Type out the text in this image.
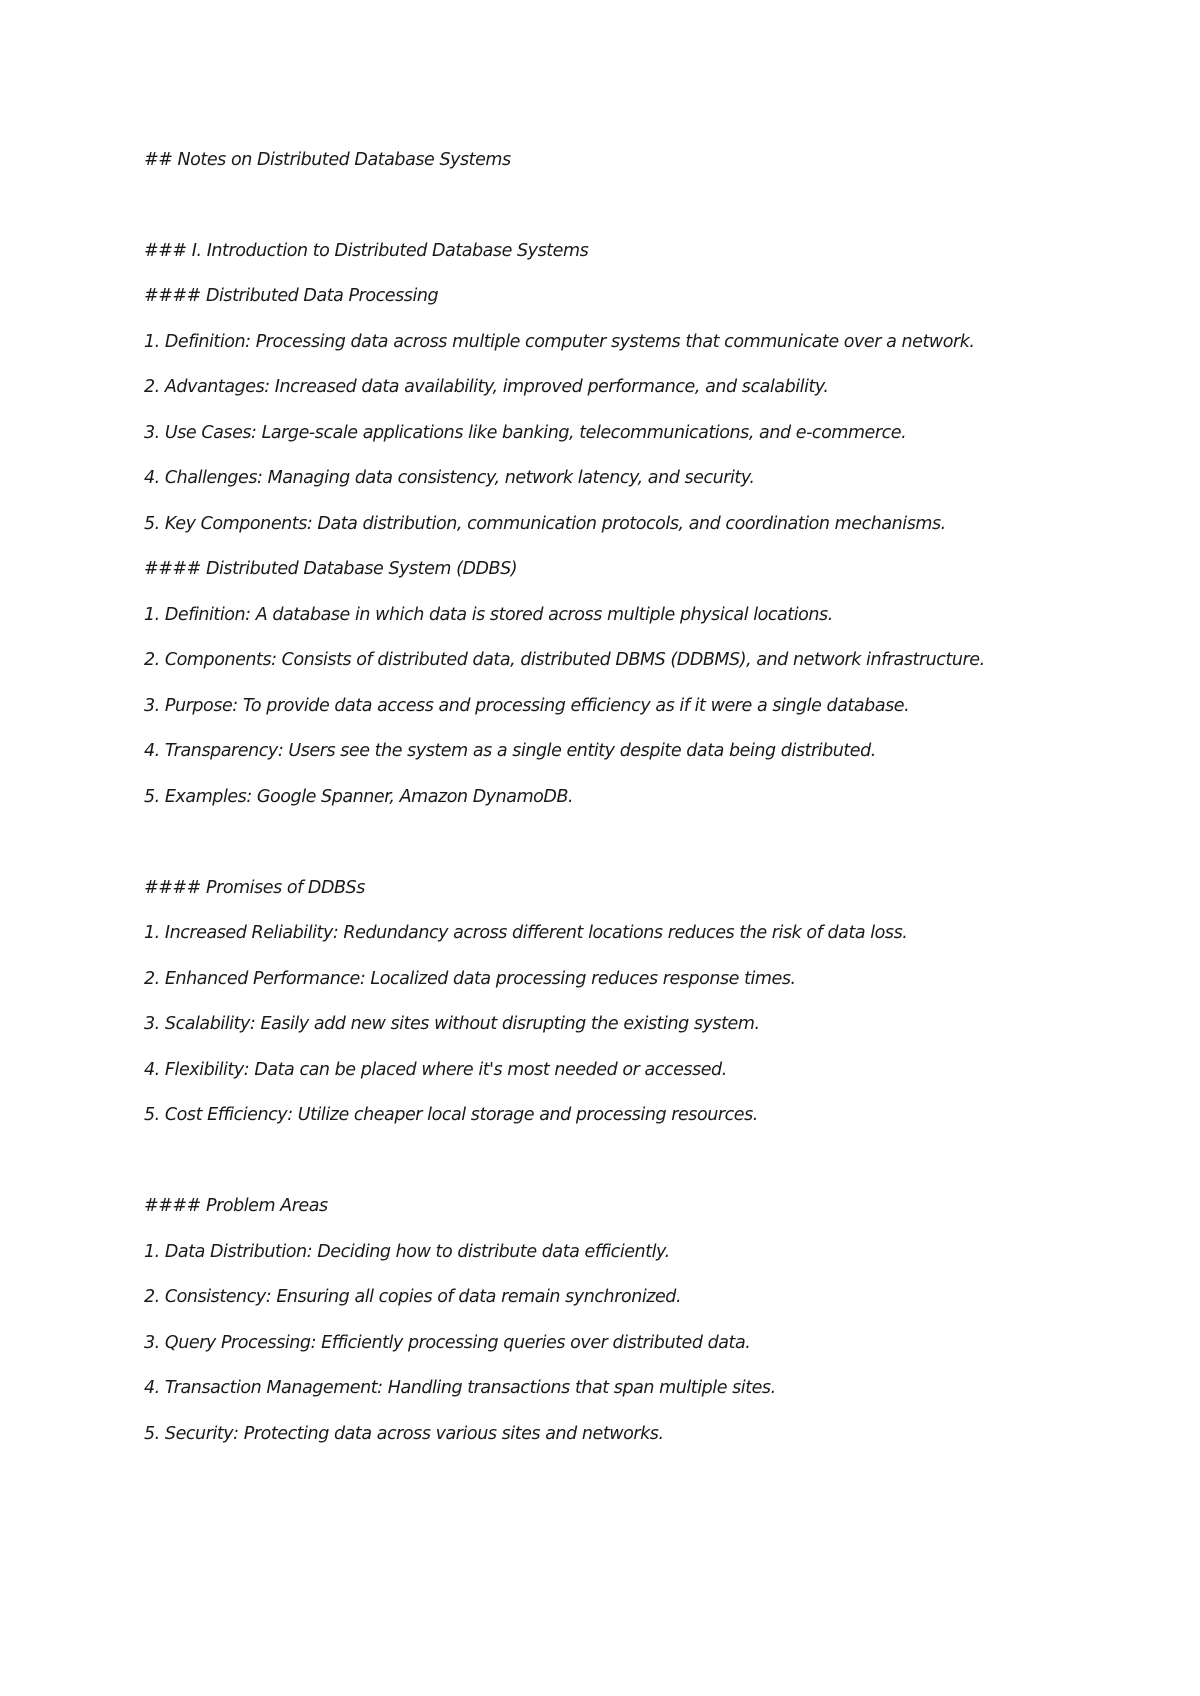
## Notes on Distributed Database Systems
### I. Introduction to Distributed Database Systems
#### Distributed Data Processing
1. Definition: Processing data across multiple computer systems that communicate over a network.
2. Advantages: Increased data availability, improved performance, and scalability.
3. Use Cases: Large-scale applications like banking, telecommunications, and e-commerce.
4. Challenges: Managing data consistency, network latency, and security.
5. Key Components: Data distribution, communication protocols, and coordination mechanisms.
#### Distributed Database System (DDBS)
1. Definition: A database in which data is stored across multiple physical locations.
2. Components: Consists of distributed data, distributed DBMS (DDBMS), and network infrastructure.
3. Purpose: To provide data access and processing efficiency as if it were a single database.
4. Transparency: Users see the system as a single entity despite data being distributed.
5. Examples: Google Spanner, Amazon DynamoDB.
#### Promises of DDBSs
1. Increased Reliability: Redundancy across different locations reduces the risk of data loss.
2. Enhanced Performance: Localized data processing reduces response times.
3. Scalability: Easily add new sites without disrupting the existing system.
4. Flexibility: Data can be placed where it's most needed or accessed.
5. Cost Efficiency: Utilize cheaper local storage and processing resources.
#### Problem Areas
1. Data Distribution: Deciding how to distribute data efficiently.
2. Consistency: Ensuring all copies of data remain synchronized.
3. Query Processing: Efficiently processing queries over distributed data.
4. Transaction Management: Handling transactions that span multiple sites.
5. Security: Protecting data across various sites and networks.
